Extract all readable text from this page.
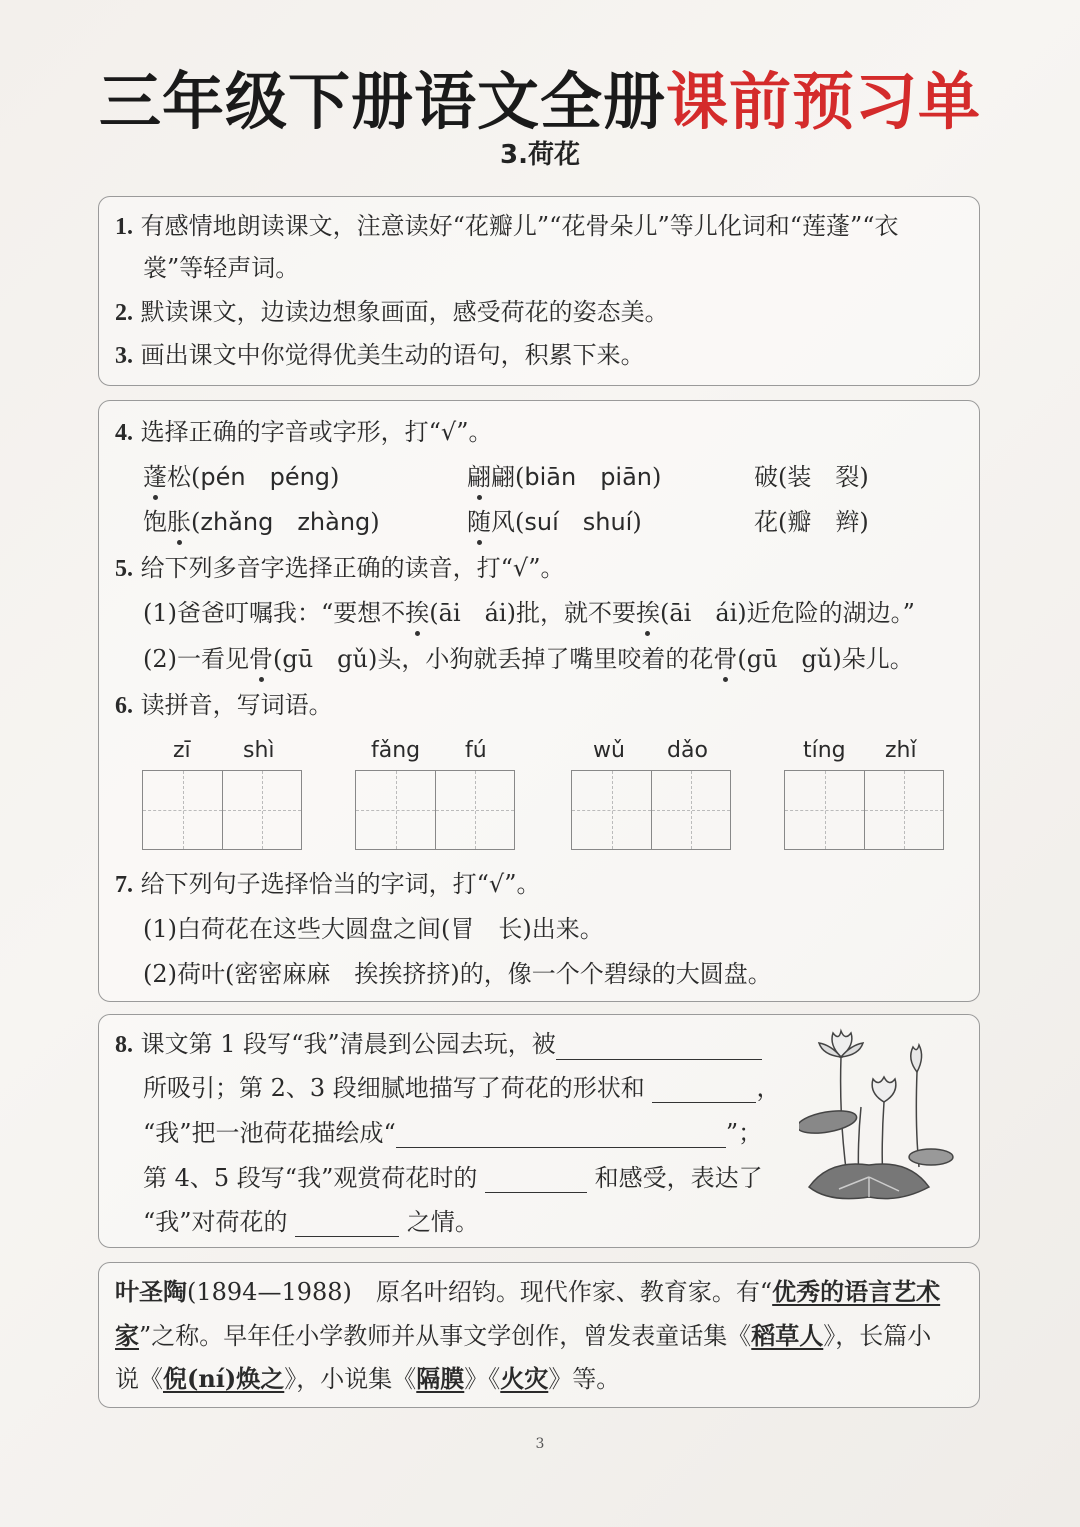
三年级下册语文全册课前预习单
3.荷花
1. 有感情地朗读课文，注意读好“花瓣儿”“花骨朵儿”等儿化词和“莲蓬”“衣
裳”等轻声词。
2. 默读课文，边读边想象画面，感受荷花的姿态美。
3. 画出课文中你觉得优美生动的语句，积累下来。
4. 选择正确的字音或字形，打“√”。
蓬松(pén　péng)	翩翩(biān　piān)	破(装　裂)
饱胀(zhǎng　zhàng)	随风(suí　shuí)	花(瓣　辫)
5. 给下列多音字选择正确的读音，打“√”。
(1)爸爸叮嘱我：“要想不挨(āi　ái)批，就不要挨(āi　ái)近危险的湖边。”
(2)一看见骨(gū　gǔ)头，小狗就丢掉了嘴里咬着的花骨(gū　gǔ)朵儿。
6. 读拼音，写词语。
zī shì	fǎng fú	wǔ dǎo	tíng zhǐ
7. 给下列句子选择恰当的字词，打“√”。
(1)白荷花在这些大圆盘之间(冒　长)出来。
(2)荷叶(密密麻麻　挨挨挤挤)的，像一个个碧绿的大圆盘。
8. 课文第 1 段写“我”清晨到公园去玩，被
所吸引；第 2、3 段细腻地描写了荷花的形状和	，
“我”把一池荷花描绘成“	”；
第 4、5 段写“我”观赏荷花时的	和感受，表达了
“我”对荷花的	之情。
叶圣陶(1894—1988)　 原名叶绍钧。现代作家、教育家。有“优秀的语言艺术
家”之称。早年任小学教师并从事文学创作，曾发表童话集《稻草人》，长篇小
说《倪(ní)焕之》，小说集《隔膜》《火灾》等。
3
